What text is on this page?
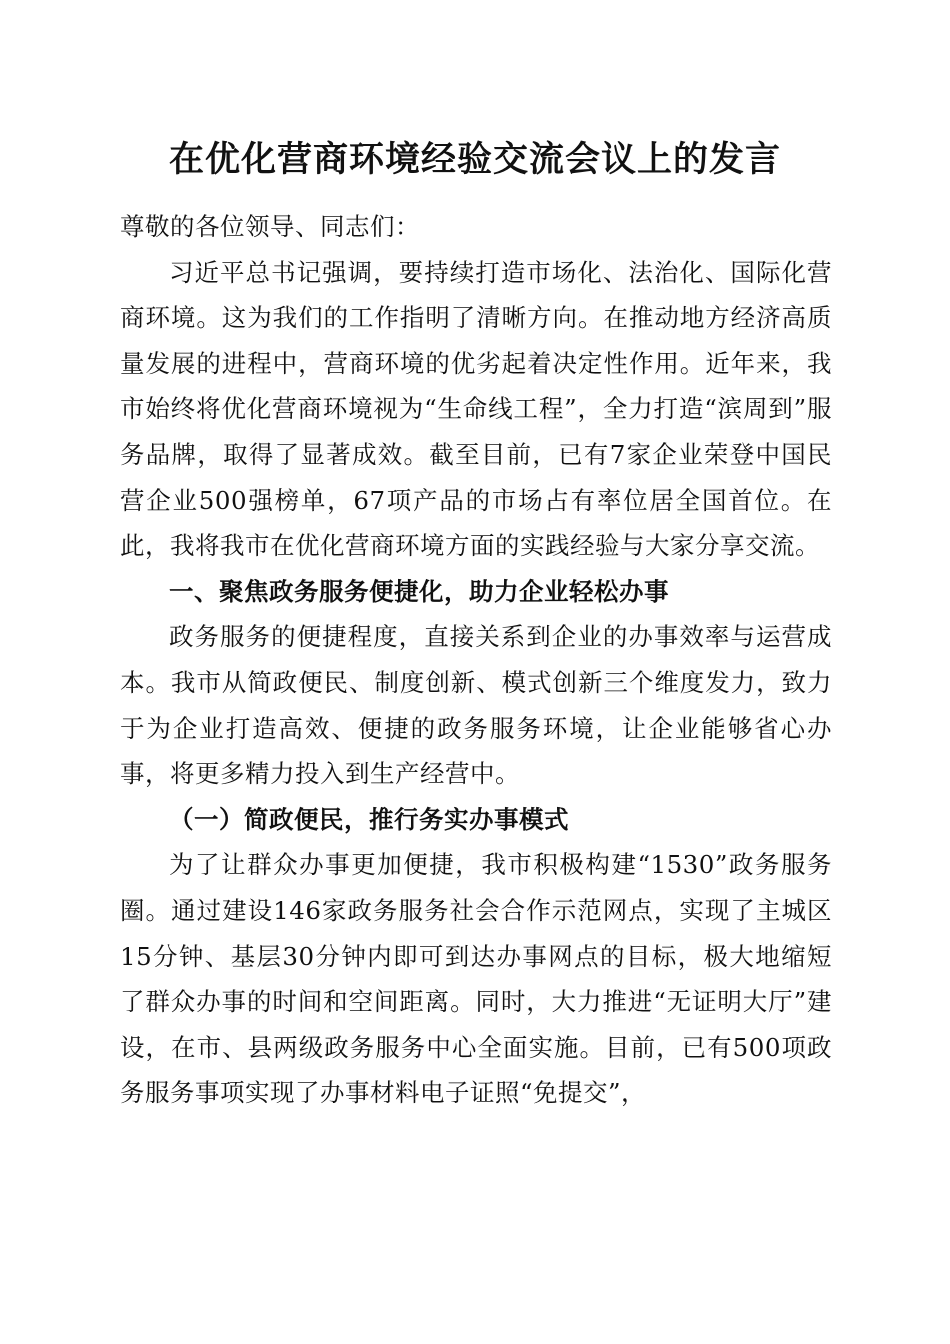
在优化营商环境经验交流会议上的发言

尊敬的各位领导、同志们：

习近平总书记强调，要持续打造市场化、法治化、国际化营商环境。这为我们的工作指明了清晰方向。在推动地方经济高质量发展的进程中，营商环境的优劣起着决定性作用。近年来，我市始终将优化营商环境视为“生命线工程”，全力打造“滨周到”服务品牌，取得了显著成效。截至目前，已有7家企业荣登中国民营企业500强榜单，67项产品的市场占有率位居全国首位。在此，我将我市在优化营商环境方面的实践经验与大家分享交流。

一、聚焦政务服务便捷化，助力企业轻松办事

政务服务的便捷程度，直接关系到企业的办事效率与运营成本。我市从简政便民、制度创新、模式创新三个维度发力，致力于为企业打造高效、便捷的政务服务环境，让企业能够省心办事，将更多精力投入到生产经营中。

（一）简政便民，推行务实办事模式

为了让群众办事更加便捷，我市积极构建“1530”政务服务圈。通过建设146家政务服务社会合作示范网点，实现了主城区15分钟、基层30分钟内即可到达办事网点的目标，极大地缩短了群众办事的时间和空间距离。同时，大力推进“无证明大厅”建设，在市、县两级政务服务中心全面实施。目前，已有500项政务服务事项实现了办事材料电子证照“免提交”，
